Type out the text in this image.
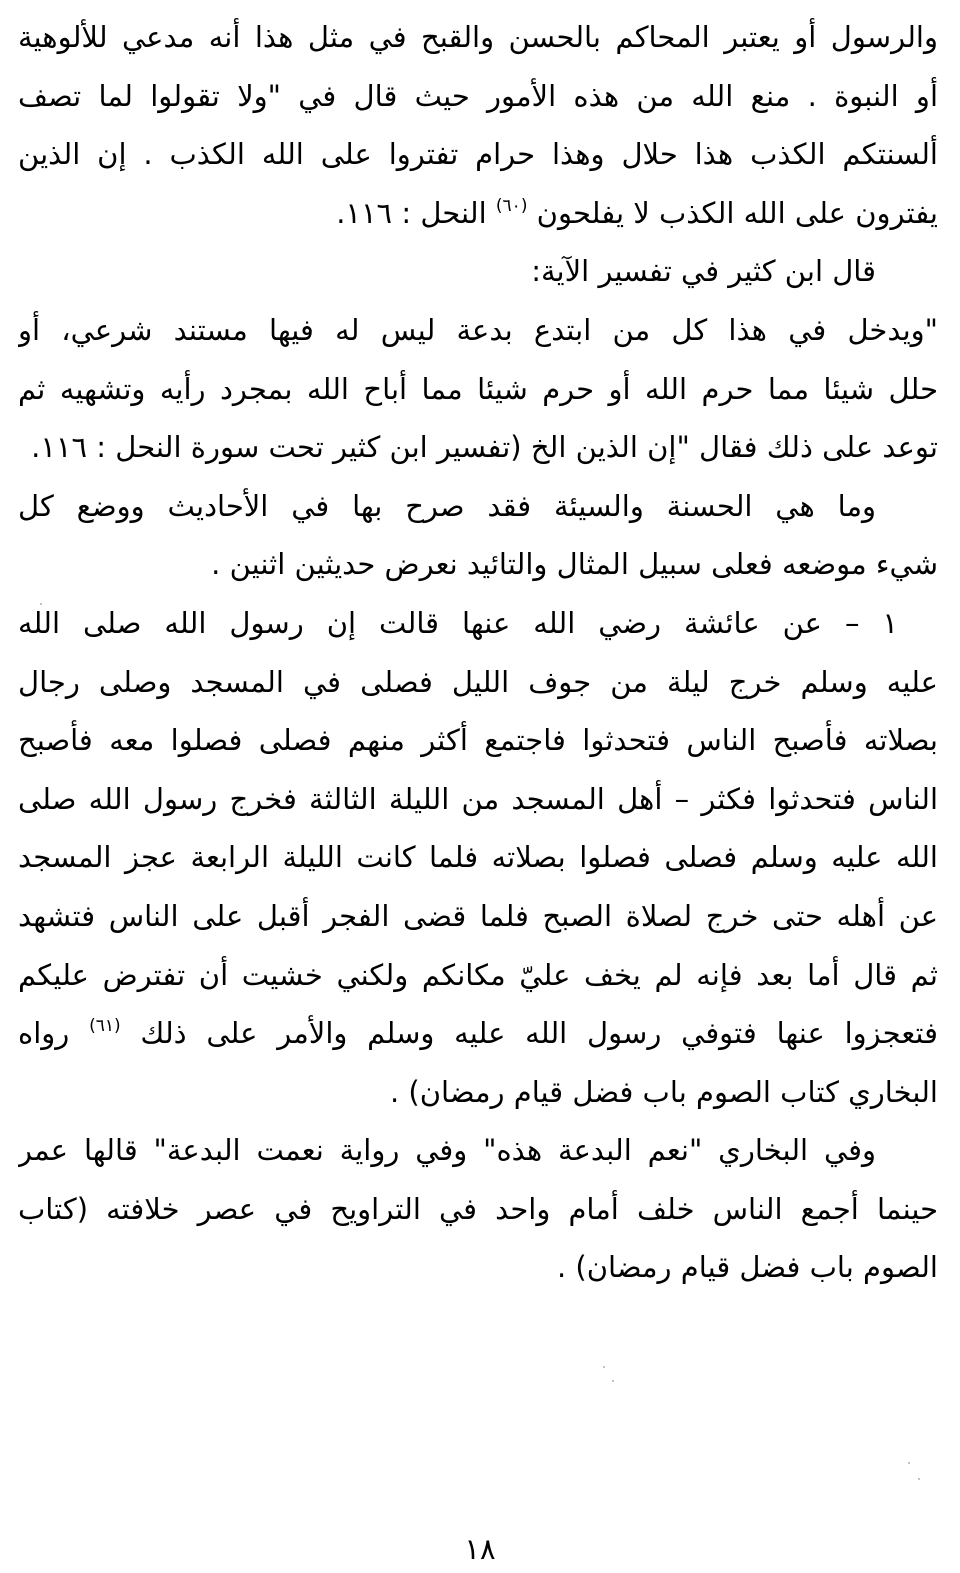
والرسول أو يعتبر المحاكم بالحسن والقبح في مثل هذا أنه مدعي للألوهية
أو النبوة . منع الله من هذه الأمور حيث قال في "ولا تقولوا لما تصف
ألسنتكم الكذب هذا حلال وهذا حرام تفتروا على الله الكذب . إن الذين
يفترون على الله الكذب لا يفلحون $^{(٦٠)}$ النحل : ١١٦.

قال ابن كثير في تفسير الآية:

"ويدخل في هذا كل من ابتدع بدعة ليس له فيها مستند شرعي، أو
حلل شيئا مما حرم الله أو حرم شيئا مما أباح الله بمجرد رأيه وتشهيه ثم
توعد على ذلك فقال "إن الذين الخ (تفسير ابن كثير تحت سورة النحل : ١١٦.

وما هي الحسنة والسيئة فقد صرح بها في الأحاديث ووضع كل
شيء موضعه فعلى سبيل المثال والتائيد نعرض حديثين اثنين .

١ – عن عائشة رضي الله عنها قالت إن رسول الله صلى الله
عليه وسلم خرج ليلة من جوف الليل فصلى في المسجد وصلى رجال
بصلاته فأصبح الناس فتحدثوا فاجتمع أكثر منهم فصلى فصلوا معه فأصبح
الناس فتحدثوا فكثر – أهل المسجد من الليلة الثالثة فخرج رسول الله صلى
الله عليه وسلم فصلى فصلوا بصلاته فلما كانت الليلة الرابعة عجز المسجد
عن أهله حتى خرج لصلاة الصبح فلما قضى الفجر أقبل على الناس فتشهد
ثم قال أما بعد فإنه لم يخف عليّ مكانكم ولكني خشيت أن تفترض عليكم
فتعجزوا عنها فتوفي رسول الله عليه وسلم والأمر على ذلك $^{(٦١)}$ رواه
البخاري كتاب الصوم باب فضل قيام رمضان) .

وفي البخاري "نعم البدعة هذه" وفي رواية نعمت البدعة" قالها عمر
حينما أجمع الناس خلف أمام واحد في التراويح في عصر خلافته (كتاب
الصوم باب فضل قيام رمضان) .

١٨
